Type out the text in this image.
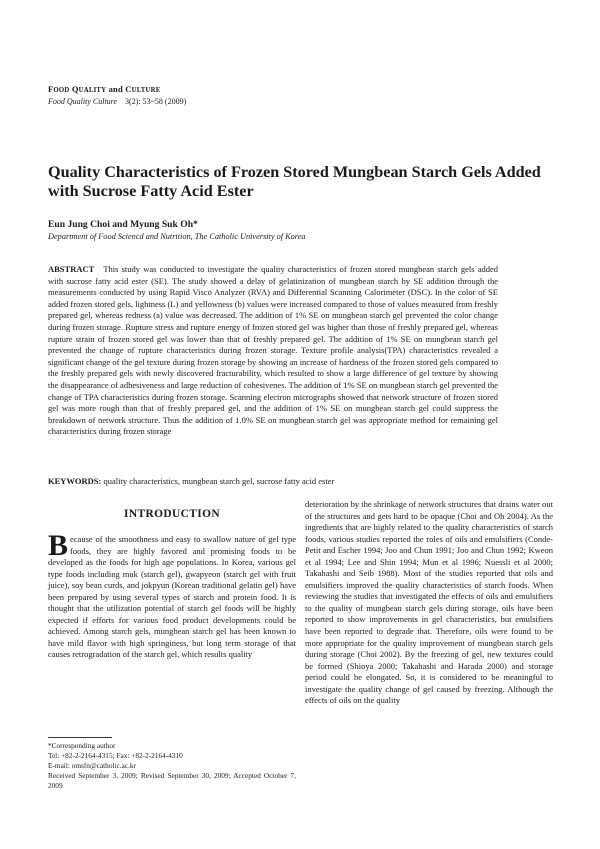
FOOD QUALITY and CULTURE
Food Quality Culture    3(2): 53~58 (2009)
Quality Characteristics of Frozen Stored Mungbean Starch Gels Added with Sucrose Fatty Acid Ester
Eun Jung Choi and Myung Suk Oh*
Department of Food Sciencd and Nutrition, The Catholic University of Korea

ABSTRACT This study was conducted to investigate the quality characteristics of frozen stored mungbean starch gels added with sucrose fatty acid ester (SE). The study showed a delay of gelatinization of mungbean starch by SE addition through the measurements conducted by using Rapid Visco Analyzer (RVA) and Differential Scanning Calorimeter (DSC). In the color of SE added frozen stored gels, lightness (L) and yellowness (b) values were increased compared to those of values measured from freshly prepared gel, whereas redness (a) value was decreased. The addition of 1% SE on mungbean starch gel prevented the color change during frozen storage. Rupture stress and rupture energy of frozen stored gel was higher than those of freshly prepared gel, whereas rupture strain of frozen stored gel was lower than that of freshly prepared gel. The addition of 1% SE on mungbean starch gel prevented the change of rupture characteristics during frozen storage. Texture profile analysis(TPA) characteristics revealed a significant change of the gel texture during frozen storage by showing an increase of hardness of the frozen stored gels compared to the freshly prepared gels with newly discovered fracturability, which resulted to show a large difference of gel texture by showing the disappearance of adhesiveness and large reduction of cohesivenes. The addition of 1% SE on mungbean starch gel prevented the change of TPA characteristics during frozen storage. Scanning electron micrographs showed that network structure of frozen stored gel was more rough than that of freshly prepared gel, and the addition of 1% SE on mungbean starch gel could suppress the breakdown of network structure. Thus the addition of 1.0% SE on mungbean starch gel was appropriate method for remaining gel characteristics during frozen storage

KEYWORDS: quality characteristics, mungbean starch gel, sucrose fatty acid ester
INTRODUCTION

Because of the smoothness and easy to swallow nature of gel type foods, they are highly favored and promising foods to be developed as the foods for high age populations. In Korea, various gel type foods including muk (starch gel), gwapyeon (starch gel with fruit juice), soy bean curds, and jokpyun (Korean traditional gelatin gel) have been prepared by using several types of starch and protein food. It is thought that the utilization potential of starch gel foods will be highly expected if efforts for various food product developments could be achieved. Among starch gels, mungbean starch gel has been known to have mild flavor with high springiness, but long term storage of that causes retrogradation of the starch gel, which results quality

deterioration by the shrinkage of network structures that drains water out of the structures and gets hard to be opaque (Choi and Oh 2004). As the ingredients that are highly related to the quality characteristics of starch foods, various studies reported the roles of oils and emulsifiers (Conde-Petit and Escher 1994; Joo and Chun 1991; Joo and Chun 1992; Kweon et al 1994; Lee and Shin 1994; Mun et al 1996; Nuessli et al 2000; Takahashi and Seib 1988). Most of the studies reported that oils and emulsifiers improved the quality characteristics of starch foods. When reviewing the studies that investigated the effects of oils and emulsifiers to the quality of mungbean starch gels during storage, oils have been reported to show improvements in gel characteristics, but emulsifiers have been reported to degrade that. Therefore, oils were found to be more appropriate for the quality improvement of mungbean starch gels during storage (Choi 2002). By the freezing of gel, new textures could be formed (Shioya 2000; Takahashi and Harada 2000) and storage period could be elongated. So, it is considered to be meaningful to investigate the quality change of gel caused by freezing. Although the effects of oils on the quality

*Corresponding author
Tel: +82-2-2164-4315; Fax: +82-2-2164-4310
E-mail: omsfn@catholic.ac.kr
Received September 3, 2009; Revised September 30, 2009; Accepted October 7, 2009
